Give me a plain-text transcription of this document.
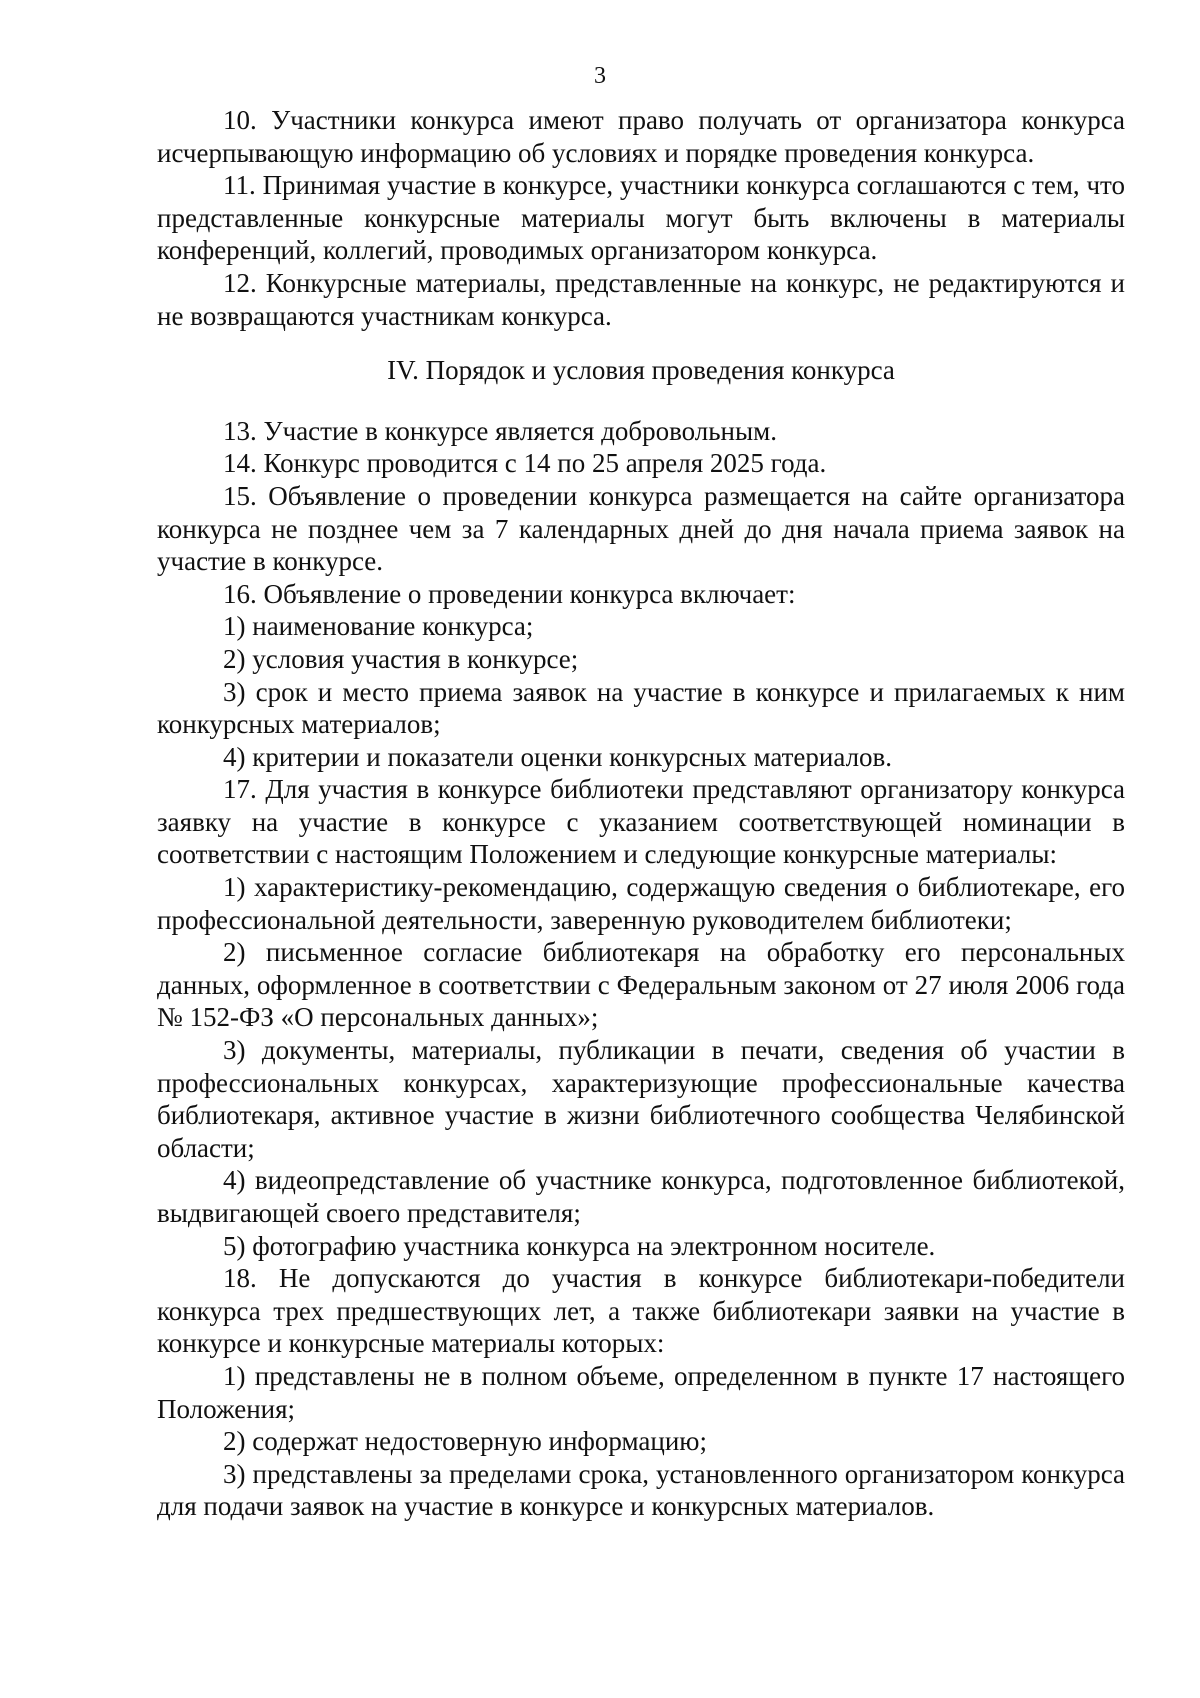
3

10. Участники конкурса имеют право получать от организатора конкурса исчерпывающую информацию об условиях и порядке проведения конкурса.

11. Принимая участие в конкурсе, участники конкурса соглашаются с тем, что представленные конкурсные материалы могут быть включены в материалы конференций, коллегий, проводимых организатором конкурса.

12. Конкурсные материалы, представленные на конкурс, не редактируются и не возвращаются участникам конкурса.

IV. Порядок и условия проведения конкурса

13. Участие в конкурсе является добровольным.

14. Конкурс проводится с 14 по 25 апреля 2025 года.

15. Объявление о проведении конкурса размещается на сайте организатора конкурса не позднее чем за 7 календарных дней до дня начала приема заявок на участие в конкурсе.

16. Объявление о проведении конкурса включает:

1) наименование конкурса;

2) условия участия в конкурсе;

3) срок и место приема заявок на участие в конкурсе и прилагаемых к ним конкурсных материалов;

4) критерии и показатели оценки конкурсных материалов.

17. Для участия в конкурсе библиотеки представляют организатору конкурса заявку на участие в конкурсе с указанием соответствующей номинации в соответствии с настоящим Положением и следующие конкурсные материалы:

1) характеристику-рекомендацию, содержащую сведения о библиотекаре, его профессиональной деятельности, заверенную руководителем библиотеки;

2) письменное согласие библиотекаря на обработку его персональных данных, оформленное в соответствии с Федеральным законом от 27 июля 2006 года № 152-ФЗ «О персональных данных»;

3) документы, материалы, публикации в печати, сведения об участии в профессиональных конкурсах, характеризующие профессиональные качества библиотекаря, активное участие в жизни библиотечного сообщества Челябинской области;

4) видеопредставление об участнике конкурса, подготовленное библиотекой, выдвигающей своего представителя;

5) фотографию участника конкурса на электронном носителе.

18. Не допускаются до участия в конкурсе библиотекари-победители конкурса трех предшествующих лет, а также библиотекари заявки на участие в конкурсе и конкурсные материалы которых:

1) представлены не в полном объеме, определенном в пункте 17 настоящего Положения;

2) содержат недостоверную информацию;

3) представлены за пределами срока, установленного организатором конкурса для подачи заявок на участие в конкурсе и конкурсных материалов.
